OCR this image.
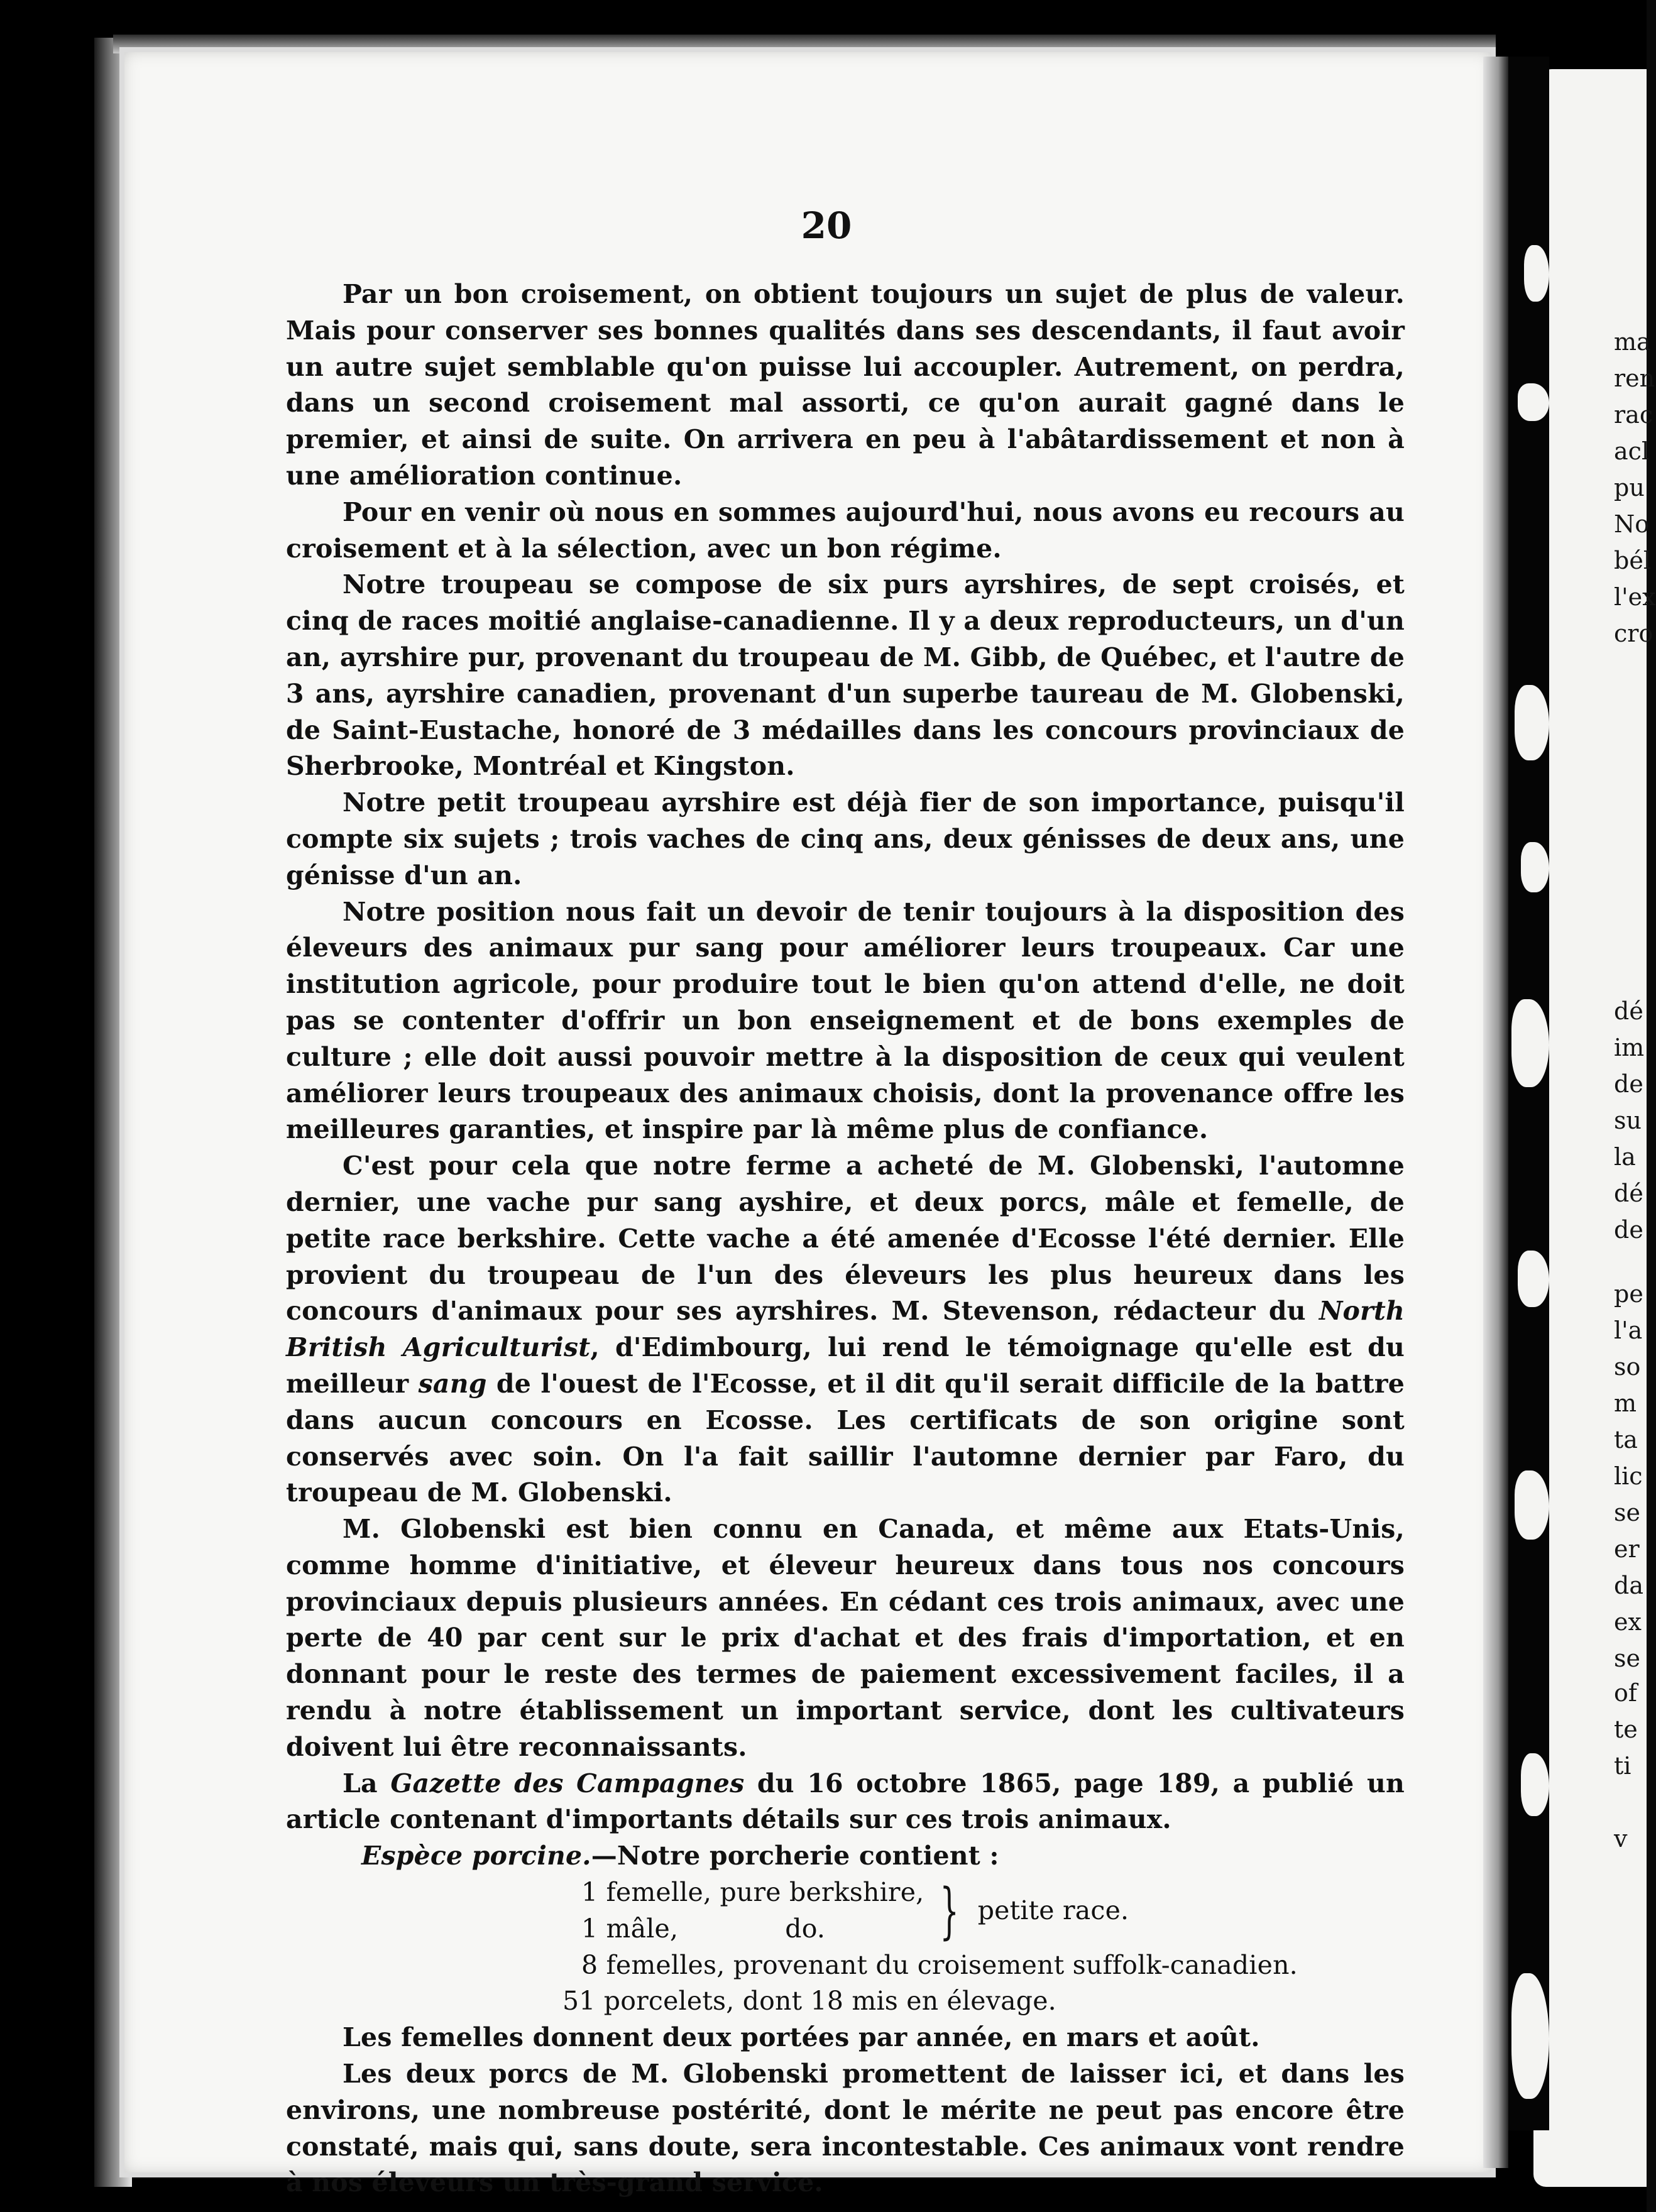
ma
ren
rac
acl
pu
No
bél
l'ex
cro
dé
im
de
su
la
dé
de
pe
l'a
so
m
ta
lic
se
er
da
ex
se
of
te
ti
v
20

Par un bon croisement, on obtient toujours un sujet de plus de valeur. Mais pour conserver ses bonnes qualités dans ses descendants, il faut avoir un autre sujet semblable qu'on puisse lui accoupler. Autrement, on perdra, dans un second croisement mal assorti, ce qu'on aurait gagné dans le premier, et ainsi de suite. On arrivera en peu à l'abâtardissement et non à une amélioration continue.

Pour en venir où nous en sommes aujourd'hui, nous avons eu recours au croisement et à la sélection, avec un bon régime.

Notre troupeau se compose de six purs ayrshires, de sept croisés, et cinq de races moitié anglaise-canadienne. Il y a deux reproducteurs, un d'un an, ayrshire pur, provenant du troupeau de M. Gibb, de Québec, et l'autre de 3 ans, ayrshire canadien, provenant d'un superbe taureau de M. Globenski, de Saint-Eustache, honoré de 3 médailles dans les concours provinciaux de Sherbrooke, Montréal et Kingston.

Notre petit troupeau ayrshire est déjà fier de son importance, puisqu'il compte six sujets ; trois vaches de cinq ans, deux génisses de deux ans, une génisse d'un an.

Notre position nous fait un devoir de tenir toujours à la disposition des éleveurs des animaux pur sang pour améliorer leurs troupeaux. Car une institution agricole, pour produire tout le bien qu'on attend d'elle, ne doit pas se contenter d'offrir un bon enseignement et de bons exemples de culture ; elle doit aussi pouvoir mettre à la disposition de ceux qui veulent améliorer leurs troupeaux des animaux choisis, dont la provenance offre les meilleures garanties, et inspire par là même plus de confiance.

C'est pour cela que notre ferme a acheté de M. Globenski, l'automne dernier, une vache pur sang ayshire, et deux porcs, mâle et femelle, de petite race berkshire. Cette vache a été amenée d'Ecosse l'été dernier. Elle provient du troupeau de l'un des éleveurs les plus heureux dans les concours d'animaux pour ses ayrshires. M. Stevenson, rédacteur du North British Agriculturist, d'Edimbourg, lui rend le témoignage qu'elle est du meilleur sang de l'ouest de l'Ecosse, et il dit qu'il serait difficile de la battre dans aucun concours en Ecosse. Les certificats de son origine sont conservés avec soin. On l'a fait saillir l'automne dernier par Faro, du troupeau de M. Globenski.

M. Globenski est bien connu en Canada, et même aux Etats-Unis, comme homme d'initiative, et éleveur heureux dans tous nos concours provinciaux depuis plusieurs années. En cédant ces trois animaux, avec une perte de 40 par cent sur le prix d'achat et des frais d'importation, et en donnant pour le reste des termes de paiement excessivement faciles, il a rendu à notre établissement un important service, dont les cultivateurs doivent lui être reconnaissants.

La Gazette des Campagnes du 16 octobre 1865, page 189, a publié un article contenant d'importants détails sur ces trois animaux.

Espèce porcine.—Notre porcherie contient :

1 femelle, pure berkshire,
1 mâle,	do.	} petite race.
8 femelles, provenant du croisement suffolk-canadien.
51 porcelets, dont 18 mis en élevage.

Les femelles donnent deux portées par année, en mars et août.

Les deux porcs de M. Globenski promettent de laisser ici, et dans les environs, une nombreuse postérité, dont le mérite ne peut pas encore être constaté, mais qui, sans doute, sera incontestable. Ces animaux vont rendre à nos éleveurs un très-grand service.
